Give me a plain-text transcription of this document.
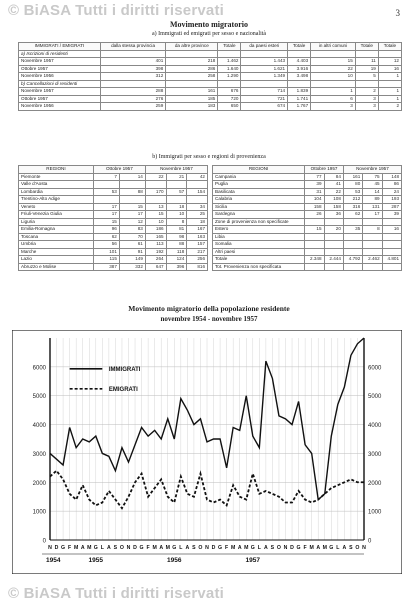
© BiASA Tutti i diritti riservati	3
Movimento migratorio
a) Immigrati ed emigrati per sesso e nazionalità
IMMIGRATI / EMIGRATI	dalla stessa provincia	da altre province	Totale	da paesi esteri	Totale	in altri comuni	Totale	Totale
a) Iscrizioni di residenti								
Novembre 1957	401	218	1.462	1.443	4.403	15	11	12
Ottobre 1957	398	286	1.640	1.621	3.916	22	19	16
Novembre 1956	312	258	1.290	1.349	3.498	10	5	1
b) Cancellazioni di residenti								
Novembre 1957	288	161	676	714	1.839	1	2	1
Ottobre 1957	276	185	720	721	1.741	6	3	1
Novembre 1956	259	183	650	674	1.767	3	3	2
b) Immigrati per sesso e regioni di provenienza
REGIONI	Ottobre 1957		Novembre 1957		
Piemonte	7	14	22	21	42
Valle d'Aosta					
Lombardia	53	88	170	57	154
Trentino-Alto Adige					
Veneto	17	15	13	18	34
Friuli-Venezia Giulia	17	17	15	10	25
Liguria	15	12	10	8	18
Emilia-Romagna	96	83	186	81	167
Toscana	62	70	165	98	163
Umbria	56	61	113	88	157
Marche	101	91	192	118	217
Lazio	115	149	264	124	256
Abruzzo e Molise	387	332	647	396	816
REGIONI	Ottobre 1957		Novembre 1957		
Campania	77	84	161	75	148
Puglia	39	41	80	45	86
Basilicata	31	22	53	14	24
Calabria	104	108	212	89	193
Sicilia	158	158	316	131	287
Sardegna	26	36	62	17	39
Zone di provenienza non specificate					
Estero	15	20	35	8	16
Libia					
Somalia					
Altri paesi					
Totale	2.348	2.444	4.792	2.462	4.801
Tot. Provenienza non specificata					
Movimento migratorio della popolazione residente
novembre 1954 - novembre 1957
0	0
1000	1000
2000	2000
3000	3000
4000	4000
5000	5000
6000	6000
N D G F M A M G L A S O N D G F M A M G L A S O N D G F M A M G L A S O N D G F M A M G L A S O N
1954	1955	1956	1957
IMMIGRATI
EMIGRATI
© BiASA Tutti i diritti riservati
